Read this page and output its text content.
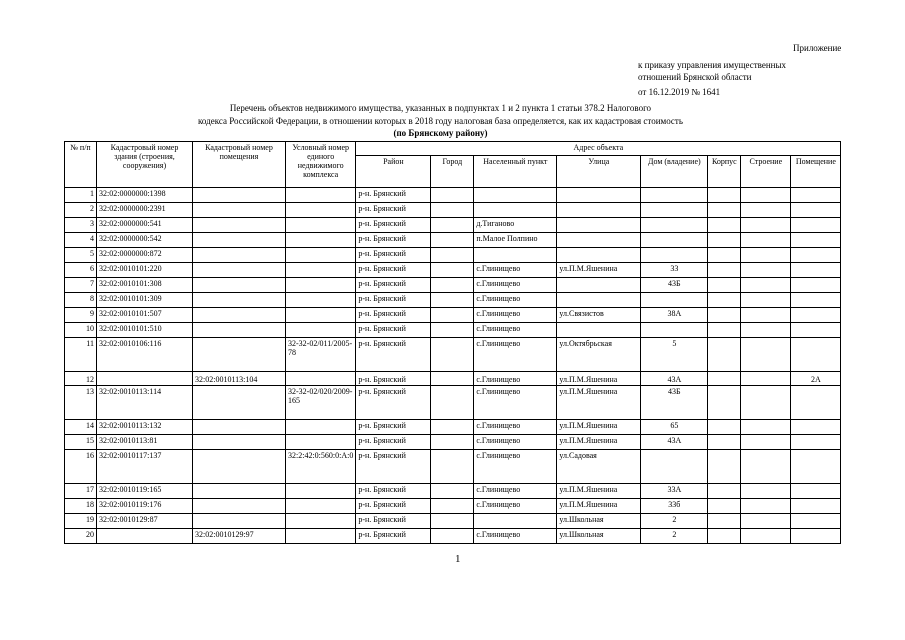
Приложение
к приказу управления имущественных
отношений Брянской области
от 16.12.2019 № 1641
Перечень объектов недвижимого имущества, указанных в подпунктах 1 и 2 пункта 1 статьи 378.2 Налогового
кодекса Российской Федерации, в отношении которых в 2018 году налоговая база определяется, как их кадастровая стоимость
(по Брянскому району)
№ п/п	Кадастровый номер здания (строения, сооружения)	Кадастровый номер помещения	Условный номер единого недвижимого комплекса	Адрес объекта							
				Район	Город	Населенный пункт	Улица	Дом (владение)	Корпус	Строение	Помещение
1	32:02:0000000:1398			р-н. Брянский							
2	32:02:0000000:2391			р-н. Брянский							
3	32:02:0000000:541			р-н. Брянский		д.Тиганово					
4	32:02:0000000:542			р-н. Брянский		п.Малое Полпино					
5	32:02:0000000:872			р-н. Брянский							
6	32:02:0010101:220			р-н. Брянский		с.Глинищево	ул.П.М.Яшенина	33			
7	32:02:0010101:308			р-н. Брянский		с.Глинищево		43Б			
8	32:02:0010101:309			р-н. Брянский		с.Глинищево					
9	32:02:0010101:507			р-н. Брянский		с.Глинищево	ул.Связистов	38А			
10	32:02:0010101:510			р-н. Брянский		с.Глинищево					
11	32:02:0010106:116		32-32-02/011/2005-78	р-н. Брянский		с.Глинищево	ул.Октябрьская	5			
12		32:02:0010113:104		р-н. Брянский		с.Глинищево	ул.П.М.Яшенина	43А			2А
13	32:02:0010113:114		32-32-02/020/2009-165	р-н. Брянский		с.Глинищево	ул.П.М.Яшенина	43Б			
14	32:02:0010113:132			р-н. Брянский		с.Глинищево	ул.П.М.Яшенина	65			
15	32:02:0010113:81			р-н. Брянский		с.Глинищево	ул.П.М.Яшенина	43А			
16	32:02:0010117:137		32:2:42:0:560:0:А:0	р-н. Брянский		с.Глинищево	ул.Садовая				
17	32:02:0010119:165			р-н. Брянский		с.Глинищево	ул.П.М.Яшенина	33А			
18	32:02:0010119:176			р-н. Брянский		с.Глинищево	ул.П.М.Яшенина	33б			
19	32:02:0010129:87			р-н. Брянский			ул.Школьная	2			
20		32:02:0010129:97		р-н. Брянский		с.Глинищево	ул.Школьная	2			
1
